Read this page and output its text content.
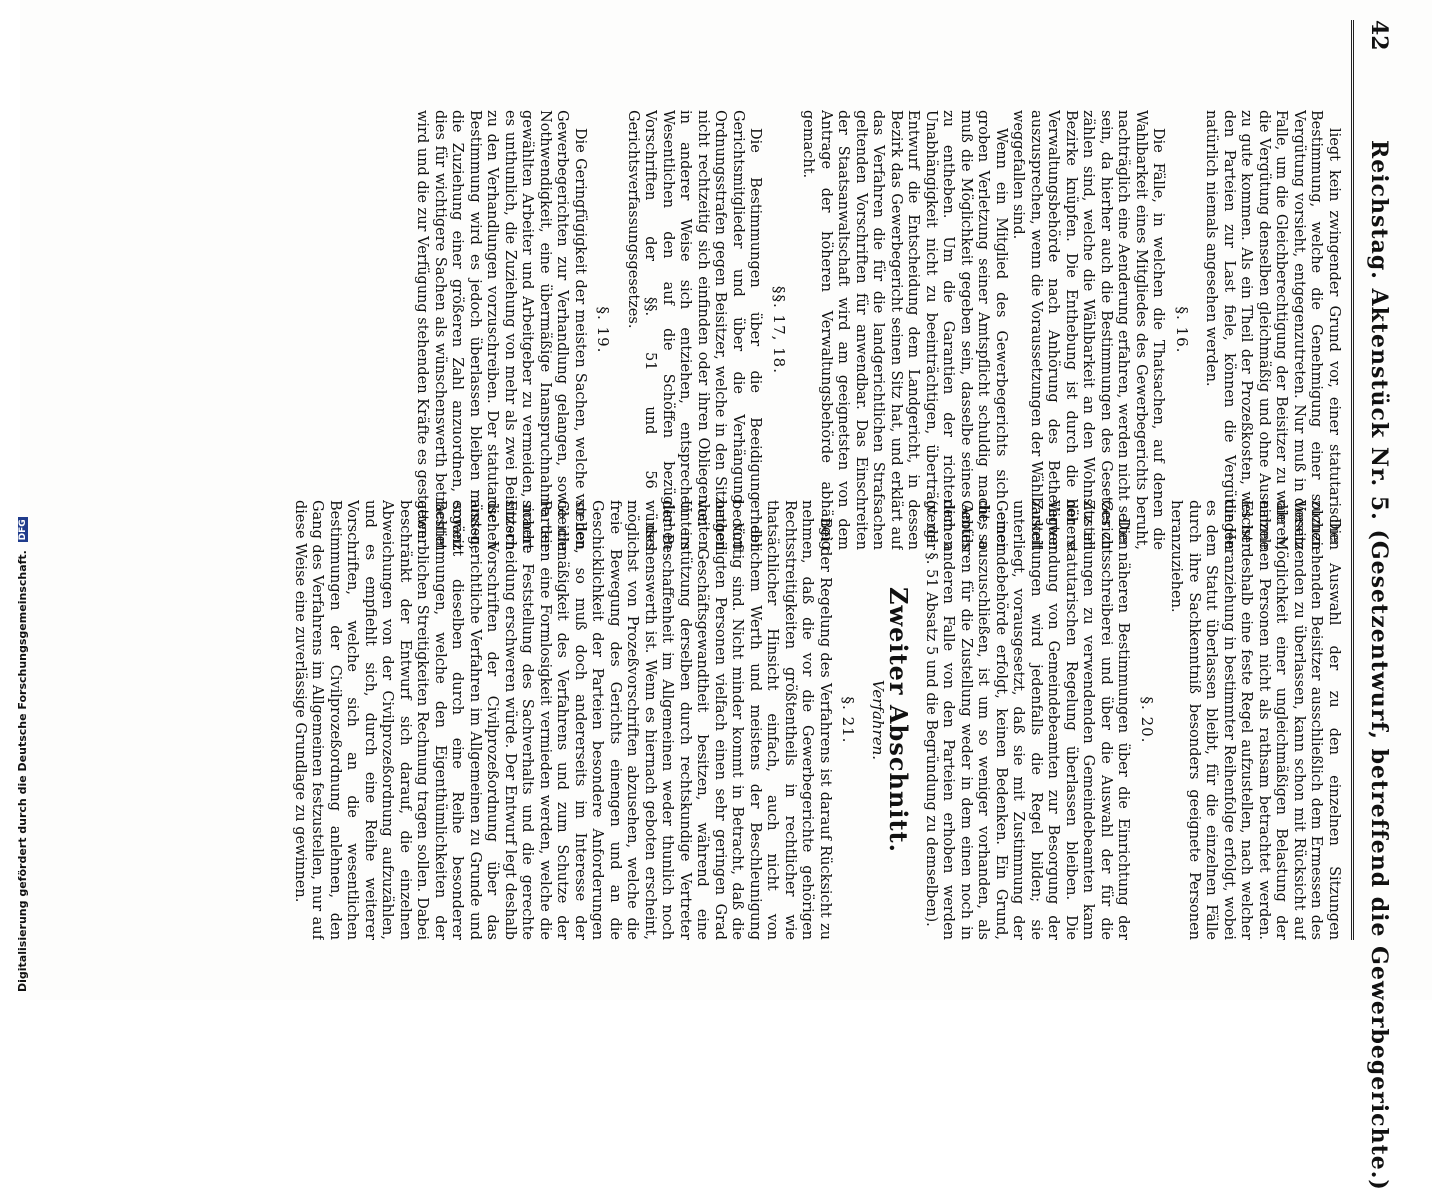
42
Reichstag. Aktenstück Nr. 5. (Gesetzentwurf, betreffend die Gewerbegerichte.)

liegt kein zwingender Grund vor, einer statutarischen Bestimmung, welche die Genehmigung einer solchen Vergütung vorsieht, entgegenzutreten. Nur muß in diesem Falle, um die Gleichberechtigung der Beisitzer zu wahren, die Vergütung denselben gleichmäßig und ohne Ausnahme zu gute kommen. Als ein Theil der Prozeßkosten, welcher den Parteien zur Last fiele, können die Vergütungen natürlich niemals angesehen werden.

§. 16.

Die Fälle, in welchen die Thatsachen, auf denen die Wahlbarkeit eines Mitgliedes des Gewerbegerichts beruht, nachträglich eine Aenderung erfahren, werden nicht selten sein, da hierher auch die Bestimmungen des Gesetzes zu zählen sind, welche die Wählbarkeit an den Wohnsitz im Bezirke knüpfen. Die Enthebung ist durch die höhere Verwaltungsbehörde nach Anhörung des Betheiligten auszusprechen, wenn die Voraussetzungen der Wählbarkeit weggefallen sind.

Wenn ein Mitglied des Gewerbegerichts sich einer groben Verletzung seiner Amtspflicht schuldig macht, so muß die Möglichkeit gegeben sein, dasselbe seines Amtes zu entheben. Um die Garantien der richterlichen Unabhängigkeit nicht zu beeinträchtigen, überträgt der Entwurf die Entscheidung dem Landgericht, in dessen Bezirk das Gewerbegericht seinen Sitz hat, und erklärt auf das Verfahren die für die landgerichtlichen Strafsachen geltenden Vorschriften für anwendbar. Das Einschreiten der Staatsanwaltschaft wird am geeignetsten von dem Antrage der höheren Verwaltungsbehörde abhängig gemacht.

§§. 17, 18.

Die Bestimmungen über die Beeidigung der Gerichtsmitglieder und über die Verhängung von Ordnungsstrafen gegen Beisitzer, welche in den Sitzungen nicht rechtzeitig sich einfinden oder ihren Obliegenheiten in anderer Weise sich entziehen, entsprechen im Wesentlichen den auf die Schöffen bezüglichen Vorschriften der §§. 51 und 56 des Gerichtsverfassungsgesetzes.

§. 19.

Die Geringfügigkeit der meisten Sachen, welche vor den Gewerbegerichten zur Verhandlung gelangen, sowie die Nothwendigkeit, eine übermäßige Inanspruchnahme der gewählten Arbeiter und Arbeitgeber zu vermeiden, macht es unthunlich, die Zuziehung von mehr als zwei Beisitzern zu den Verhandlungen vorzuschreiben. Der statutarischen Bestimmung wird es jedoch überlassen bleiben müssen, die Zuziehung einer größeren Zahl anzuordnen, soweit dies für wichtigere Sachen als wünschenswerth betrachtet wird und die zur Verfügung stehenden Kräfte es gestatten.

Die Auswahl der zu den einzelnen Sitzungen zuzuziehenden Beisitzer ausschließlich dem Ermessen des Vorsitzenden zu überlassen, kann schon mit Rücksicht auf die Möglichkeit einer ungleichmäßigen Belastung der einzelnen Personen nicht als rathsam betrachtet werden. Es ist deshalb eine feste Regel aufzustellen, nach welcher die Heranziehung in bestimmter Reihenfolge erfolgt, wobei es dem Statut überlassen bleibt, für die einzelnen Fälle durch ihre Sachkenntniß besonders geeignete Personen heranzuziehen.

§. 20.

Die näheren Bestimmungen über die Einrichtung der Gerichtsschreiberei und über die Auswahl der für die Zustellungen zu verwendenden Gemeindebeamten kann der statutarischen Regelung überlassen bleiben. Die Verwendung von Gemeindebeamten zur Besorgung der Zustellungen wird jedenfalls die Regel bilden; sie unterliegt, vorausgesetzt, daß sie mit Zustimmung der Gemeindebehörde erfolgt, keinen Bedenken. Ein Grund, dies auszuschließen, ist um so weniger vorhanden, als Gebühren für die Zustellung weder in dem einen noch in dem anderen Falle von den Parteien erhoben werden (vergl. §. 51 Absatz 5 und die Begründung zu demselben).

Zweiter Abschnitt.
Verfahren.
§. 21.

Bei der Regelung des Verfahrens ist darauf Rücksicht zu nehmen, daß die vor die Gewerbegerichte gehörigen Rechtsstreitigkeiten größtentheils in rechtlicher wie thatsächlicher Hinsicht einfach, auch nicht von erheblichem Werth und meistens der Beschleunigung bedürftig sind. Nicht minder kommt in Betracht, daß die betheiligten Personen vielfach einen sehr geringen Grad von Geschäftsgewandtheit besitzen, während eine Unterstützung derselben durch rechtskundige Vertreter der Beschaffenheit im Allgemeinen weder thunlich noch wünschenswerth ist. Wenn es hiernach geboten erscheint, möglichst von Prozeßvorschriften abzusehen, welche die freie Bewegung des Gerichts einengen und an die Geschicklichkeit der Parteien besondere Anforderungen stellen, so muß doch andererseits im Interesse der Gleichmäßigkeit des Verfahrens und zum Schutze der Parteien eine Formlosigkeit vermieden werden, welche die sichere Feststellung des Sachverhalts und die gerechte Entscheidung erschweren würde. Der Entwurf legt deshalb die Vorschriften der Civilprozeßordnung über das amtsgerichtliche Verfahren im Allgemeinen zu Grunde und ergänzt dieselben durch eine Reihe besonderer Bestimmungen, welche den Eigenthümlichkeiten der gewerblichen Streitigkeiten Rechnung tragen sollen. Dabei beschränkt der Entwurf sich darauf, die einzelnen Abweichungen von der Civilprozeßordnung aufzuzählen, und es empfiehlt sich, durch eine Reihe weiterer Vorschriften, welche sich an die wesentlichen Bestimmungen der Civilprozeßordnung anlehnen, den Gang des Verfahrens im Allgemeinen festzustellen, nur auf diese Weise eine zuverlässige Grundlage zu gewinnen.

Digitalisierung gefördert durch die Deutsche Forschungsgemeinschaft. DFG
